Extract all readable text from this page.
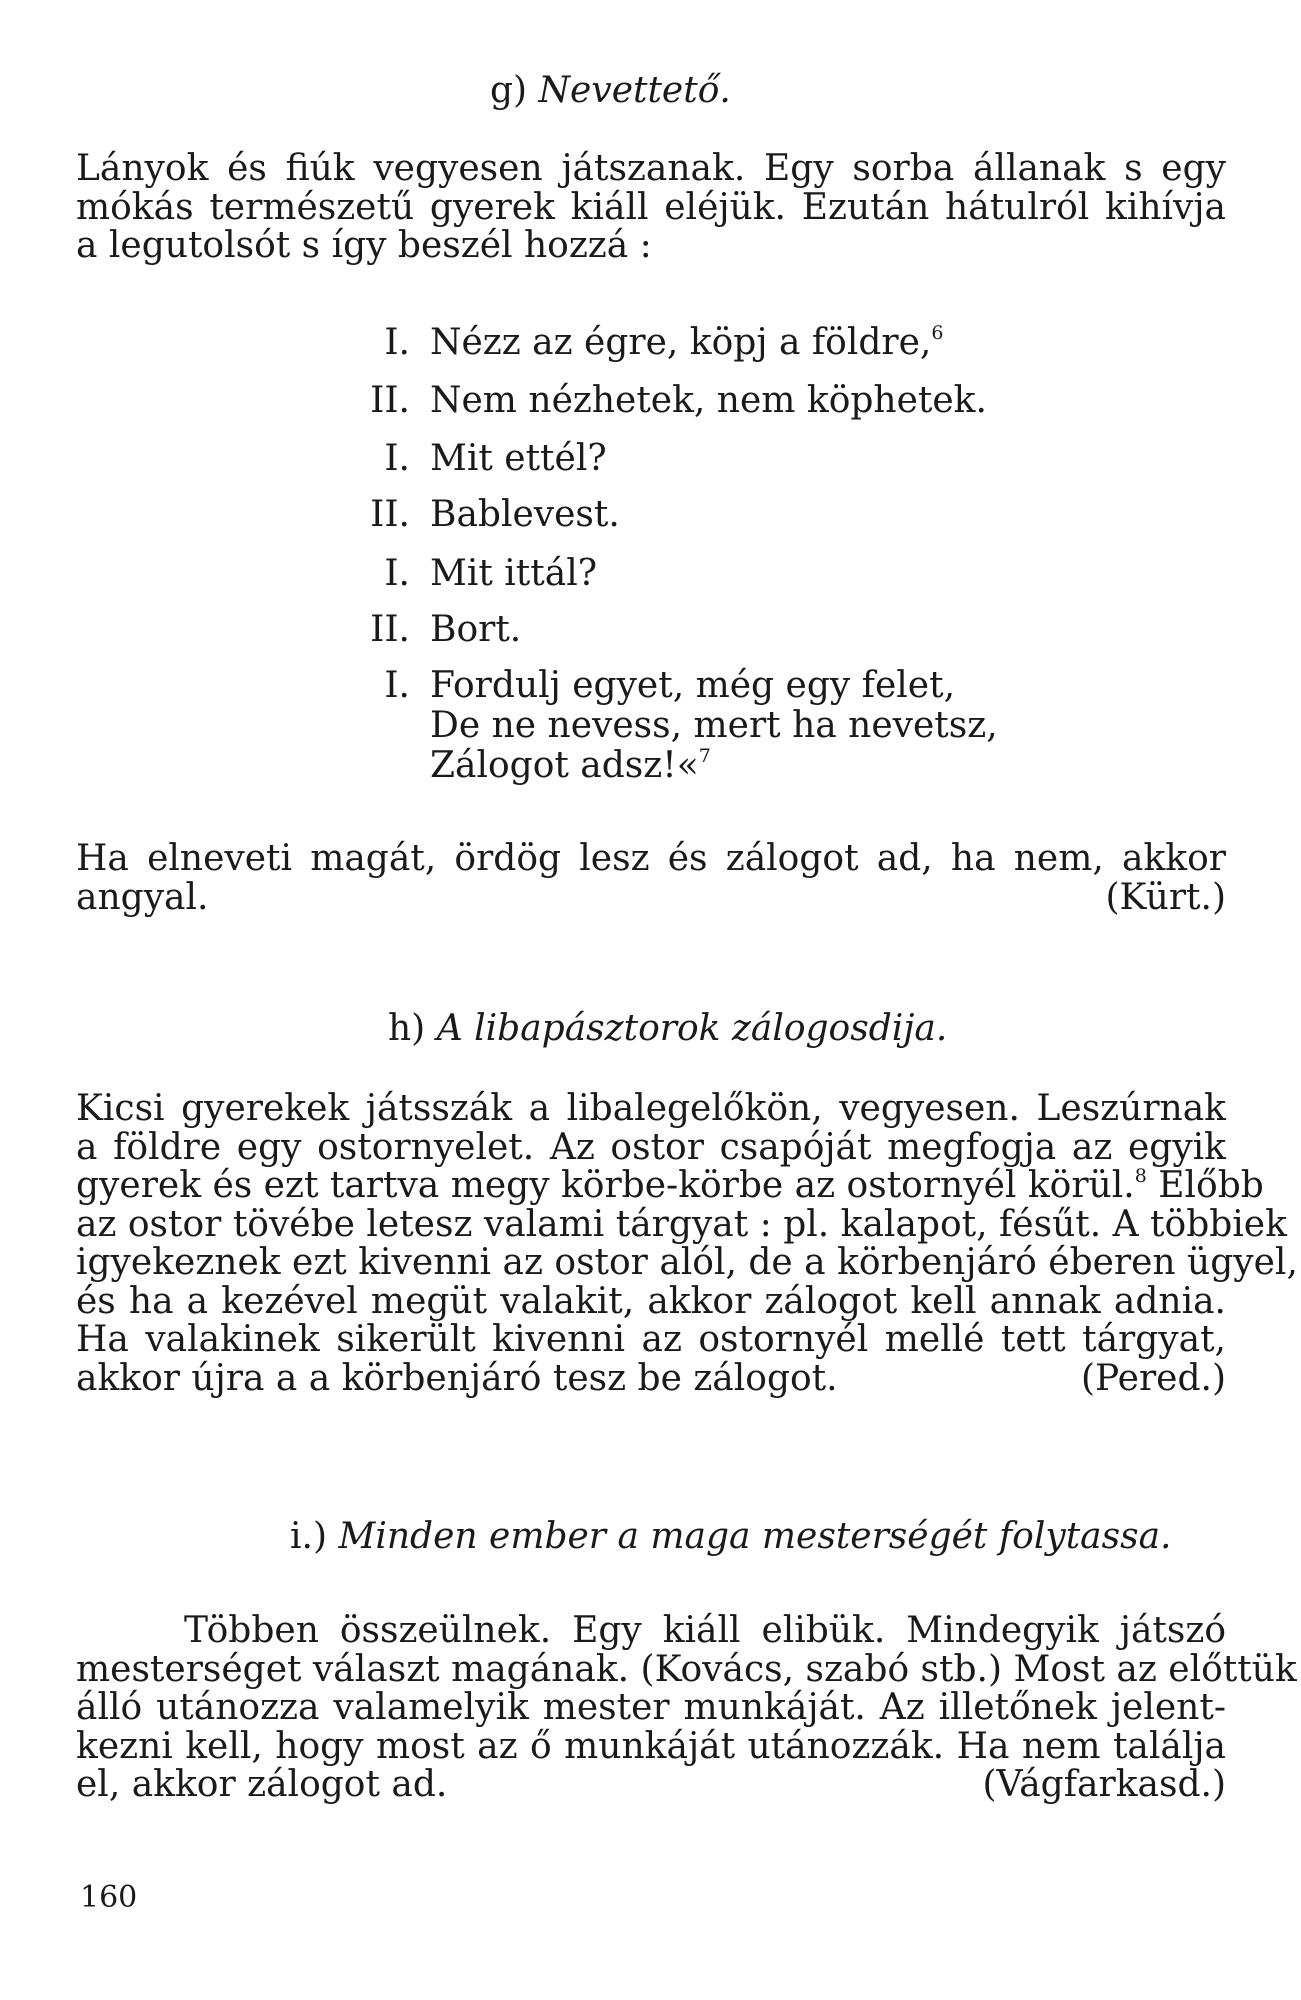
g) Nevettető.
Lányok és fiúk vegyesen játszanak. Egy sorba állanak s egy
mókás természetű gyerek kiáll eléjük. Ezután hátulról kihívja
a legutolsót s így beszél hozzá :
I. Nézz az égre, köpj a földre,$^6$
II. Nem nézhetek, nem köphetek.
I. Mit ettél?
II. Bablevest.
I. Mit ittál?
II. Bort.
I. Fordulj egyet, még egy felet,
De ne nevess, mert ha nevetsz,
Zálogot adsz!«$^7$
Ha elneveti magát, ördög lesz és zálogot ad, ha nem, akkor
angyal.	(Kürt.)
h) A libapásztorok zálogosdija.
Kicsi gyerekek játsszák a libalegelőkön, vegyesen. Leszúrnak
a földre egy ostornyelet. Az ostor csapóját megfogja az egyik
gyerek és ezt tartva megy körbe-körbe az ostornyél körül.$^8$ Előbb
az ostor tövébe letesz valami tárgyat : pl. kalapot, fésűt. A többiek
igyekeznek ezt kivenni az ostor alól, de a körbenjáró éberen ügyel,
és ha a kezével megüt valakit, akkor zálogot kell annak adnia.
Ha valakinek sikerült kivenni az ostornyél mellé tett tárgyat,
akkor újra a a körbenjáró tesz be zálogot.	(Pered.)
i.) Minden ember a maga mesterségét folytassa.
Többen összeülnek. Egy kiáll elibük. Mindegyik játszó
mesterséget választ magának. (Kovács, szabó stb.) Most az előttük
álló utánozza valamelyik mester munkáját. Az illetőnek jelent-
kezni kell, hogy most az ő munkáját utánozzák. Ha nem találja
el, akkor zálogot ad.	(Vágfarkasd.)
160
